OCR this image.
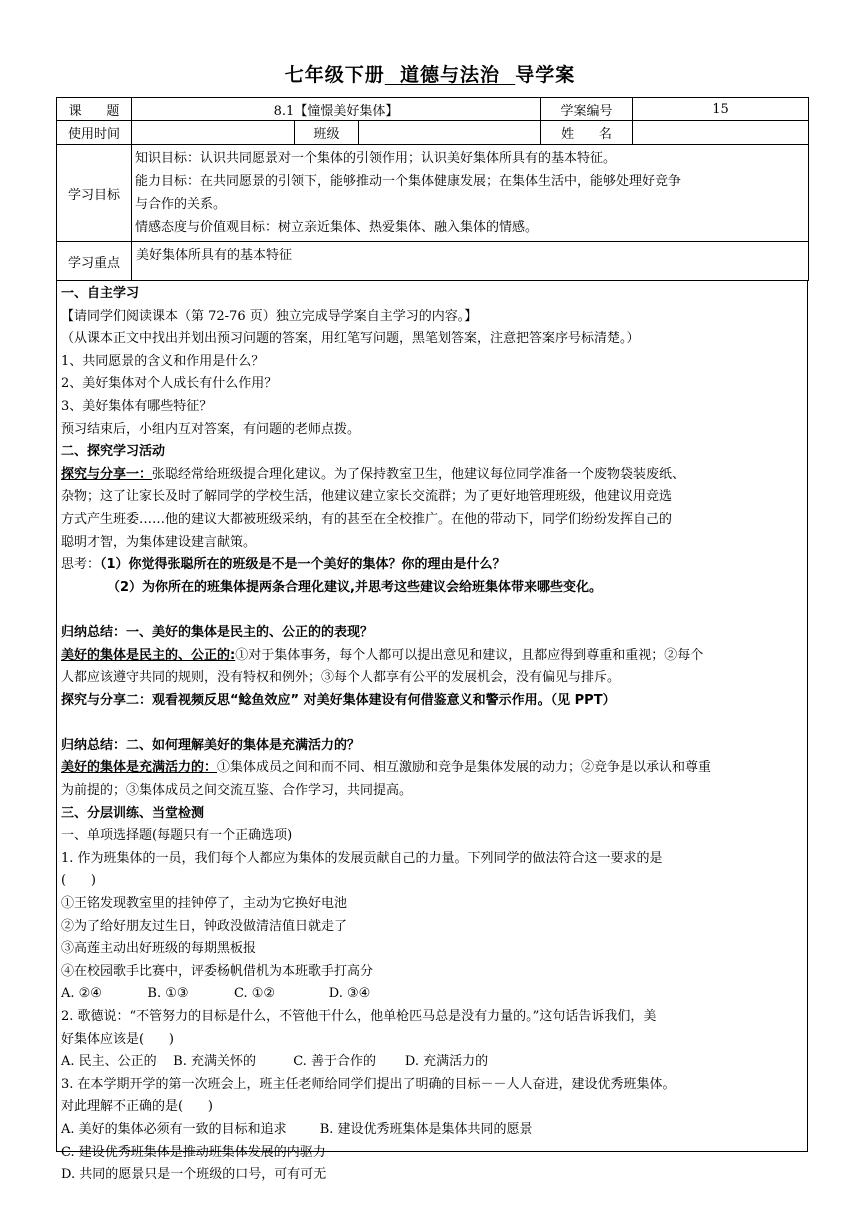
七年级下册  道德与法治  导学案
课      题	8.1【憧憬美好集体】			学案编号	15
使用时间		班级		姓      名	
学习目标	知识目标：认识共同愿景对一个集体的引领作用；认识美好集体所具有的基本特征。
能力目标：在共同愿景的引领下，能够推动一个集体健康发展；在集体生活中，能够处理好竞争
与合作的关系。
情感态度与价值观目标：树立亲近集体、热爱集体、融入集体的情感。				

学习重点	美好集体所具有的基本特征				
一、自主学习
【请同学们阅读课本（第 72-76 页）独立完成导学案自主学习的内容。】
（从课本正文中找出并划出预习问题的答案，用红笔写问题，黑笔划答案，注意把答案序号标清楚。）
1、共同愿景的含义和作用是什么？
2、美好集体对个人成长有什么作用？
3、美好集体有哪些特征？
预习结束后，小组内互对答案，有问题的老师点拨。
二、探究学习活动
探究与分享一：张聪经常给班级提合理化建议。为了保持教室卫生，他建议每位同学准备一个废物袋装废纸、
杂物；这了让家长及时了解同学的学校生活，他建议建立家长交流群；为了更好地管理班级，他建议用竞选
方式产生班委……他的建议大都被班级采纳，有的甚至在全校推广。在他的带动下，同学们纷纷发挥自己的
聪明才智，为集体建设建言献策。
思考：（1）你觉得张聪所在的班级是不是一个美好的集体？你的理由是什么？
（2）为你所在的班集体提两条合理化建议,并思考这些建议会给班集体带来哪些变化。
归纳总结：一、美好的集体是民主的、公正的的表现？
美好的集体是民主的、公正的:①对于集体事务，每个人都可以提出意见和建议，且都应得到尊重和重视；②每个
人都应该遵守共同的规则，没有特权和例外；③每个人都享有公平的发展机会，没有偏见与排斥。
探究与分享二：观看视频反思“鲶鱼效应” 对美好集体建设有何借鉴意义和警示作用。（见 PPT）
归纳总结：二、如何理解美好的集体是充满活力的？
美好的集体是充满活力的：①集体成员之间和而不同、相互激励和竞争是集体发展的动力；②竞争是以承认和尊重
为前提的；③集体成员之间交流互鉴、合作学习，共同提高。
三、分层训练、当堂检测
一、单项选择题(每题只有一个正确选项)
1. 作为班集体的一员，我们每个人都应为集体的发展贡献自己的力量。下列同学的做法符合这一要求的是
(      )
①王铭发现教室里的挂钟停了，主动为它换好电池
②为了给好朋友过生日，钟政没做清洁值日就走了
③高莲主动出好班级的每期黑板报
④在校园歌手比赛中，评委杨帆借机为本班歌手打高分
A. ②④           B. ①③           C. ①②             D. ③④
2. 歌德说：“不管努力的目标是什么，不管他干什么，他单枪匹马总是没有力量的。”这句话告诉我们，美
好集体应该是(      )
A. 民主、公正的    B. 充满关怀的         C. 善于合作的       D. 充满活力的
3. 在本学期开学的第一次班会上，班主任老师给同学们提出了明确的目标－－人人奋进，建设优秀班集体。
对此理解不正确的是(      )
A. 美好的集体必须有一致的目标和追求        B. 建设优秀班集体是集体共同的愿景
C. 建设优秀班集体是推动班集体发展的内驱力
D. 共同的愿景只是一个班级的口号，可有可无
